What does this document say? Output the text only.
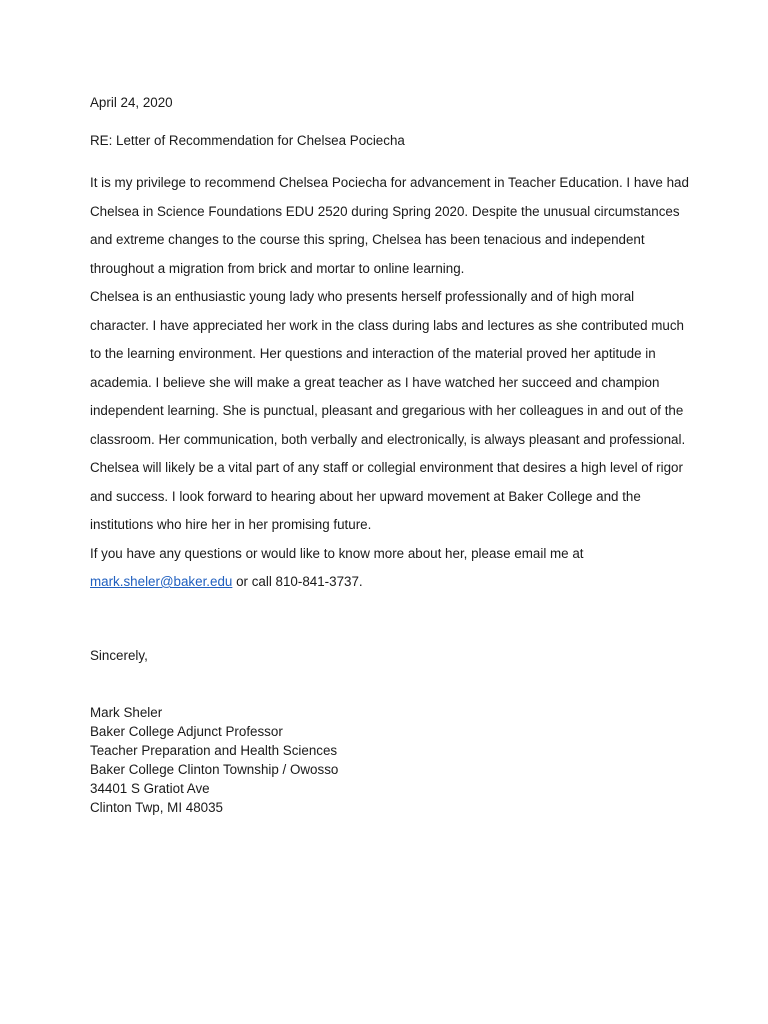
April 24, 2020
RE: Letter of Recommendation for Chelsea Pociecha

It is my privilege to recommend Chelsea Pociecha for advancement in Teacher Education. I have had Chelsea in Science Foundations EDU 2520 during Spring 2020. Despite the unusual circumstances and extreme changes to the course this spring, Chelsea has been tenacious and independent throughout a migration from brick and mortar to online learning.

Chelsea is an enthusiastic young lady who presents herself professionally and of high moral character. I have appreciated her work in the class during labs and lectures as she contributed much to the learning environment. Her questions and interaction of the material proved her aptitude in academia. I believe she will make a great teacher as I have watched her succeed and champion independent learning. She is punctual, pleasant and gregarious with her colleagues in and out of the classroom. Her communication, both verbally and electronically, is always pleasant and professional. Chelsea will likely be a vital part of any staff or collegial environment that desires a high level of rigor and success. I look forward to hearing about her upward movement at Baker College and the institutions who hire her in her promising future.

If you have any questions or would like to know more about her, please email me at
mark.sheler@baker.edu or call 810-841-3737.

Sincerely,
Mark Sheler
Baker College Adjunct Professor
Teacher Preparation and Health Sciences
Baker College Clinton Township / Owosso
34401 S Gratiot Ave
Clinton Twp, MI 48035
